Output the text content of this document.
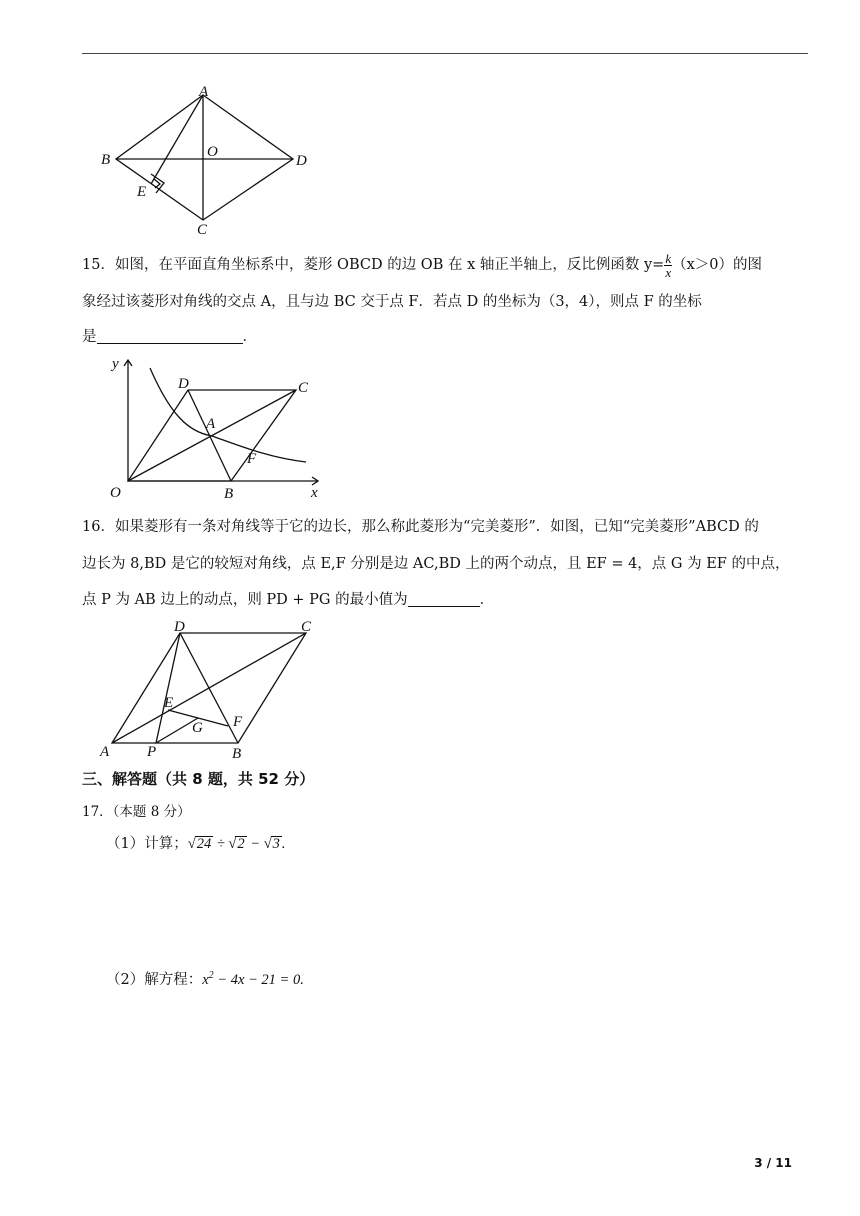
A
B	D
C
O
E
15．如图，在平面直角坐标系中，菱形 OBCD 的边 OB 在 x 轴正半轴上，反比例函数 $y= \frac{k}{x} (x>0)$的图
象经过该菱形对角线的交点 A，且与边 BC 交于点 F．若点 D 的坐标为（3，4），则点 F 的坐标
是	．
y
x
O	B
C
D
A
F
16．如果菱形有一条对角线等于它的边长，那么称此菱形为“完美菱形”．如图，已知“完美菱形”ABCD 的
边长为 8,BD 是它的较短对角线，点 E,F 分别是边 AC,BD 上的两个动点，且 EF = 4，点 G 为 EF 的中点，
点 P 为 AB 边上的动点，则 PD + PG 的最小值为	．
A	B
C
D
E
F
G
P
三、解答题（共 8 题，共 52 分）
17．（本题 8 分）
（1）计算；√24 ÷ √2 − √3 .
（2）解方程：$x^2 - 4x - 21 = 0$.
3 / 11
